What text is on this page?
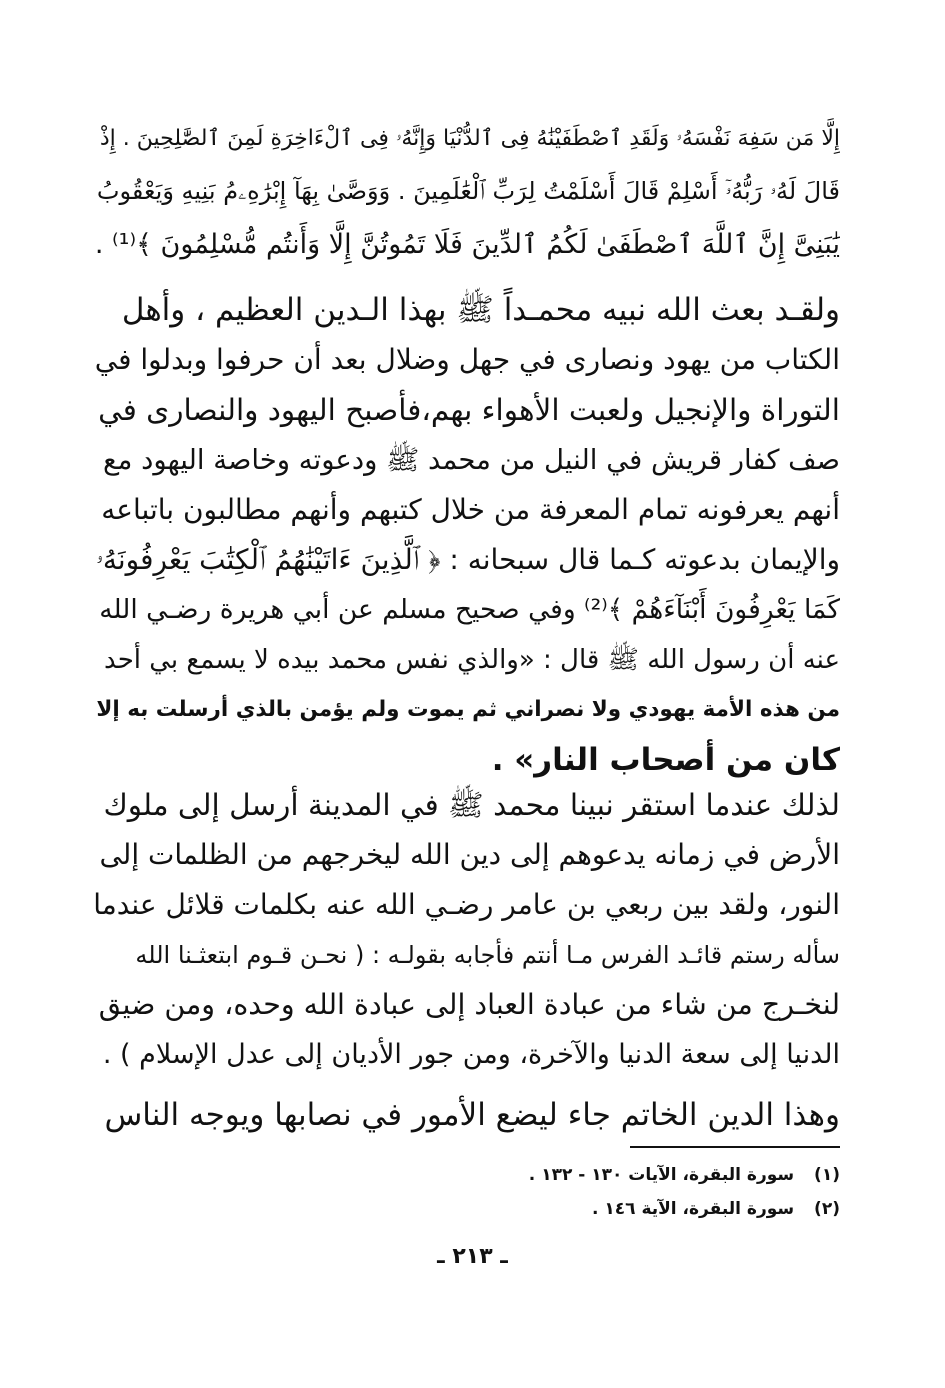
إِلَّا مَن سَفِهَ نَفْسَهُۥ وَلَقَدِ ٱصْطَفَيْنَٰهُ فِى ٱلدُّنْيَا وَإِنَّهُۥ فِى ٱلْءَاخِرَةِ لَمِنَ ٱلصَّٰلِحِينَ . إِذْ
قَالَ لَهُۥ رَبُّهُۥٓ أَسْلِمْ قَالَ أَسْلَمْتُ لِرَبِّ ٱلْعَٰلَمِينَ . وَوَصَّىٰ بِهَآ إِبْرَٰهِۦمُ بَنِيهِ وَيَعْقُوبُ
يَٰبَنِىَّ إِنَّ ٱللَّهَ ٱصْطَفَىٰ لَكُمُ ٱلدِّينَ فَلَا تَمُوتُنَّ إِلَّا وَأَنتُم مُّسْلِمُونَ ﴾⁽¹⁾ .
ولقـد بعث الله نبيه محمـداً ﷺ بهذا الـدين العظيم ، وأهل
الكتاب من يهود ونصارى في جهل وضلال بعد أن حرفوا وبدلوا في
التوراة والإنجيل ولعبت الأهواء بهم،فأصبح اليهود والنصارى في
صف كفار قريش في النيل من محمد ﷺ ودعوته وخاصة اليهود مع
أنهم يعرفونه تمام المعرفة من خلال كتبهم وأنهم مطالبون باتباعه
والإيمان بدعوته كـما قال سبحانه : ﴿ ٱلَّذِينَ ءَاتَيْنَٰهُمُ ٱلْكِتَٰبَ يَعْرِفُونَهُۥ
كَمَا يَعْرِفُونَ أَبْنَآءَهُمْ ﴾⁽²⁾ وفي صحيح مسلم عن أبي هريرة رضـي الله
عنه أن رسول الله ﷺ قال : «والذي نفس محمد بيده لا يسمع بي أحد
من هذه الأمة يهودي ولا نصراني ثم يموت ولم يؤمن بالذي أرسلت به إلا
كان من أصحاب النار» .
لذلك عندما استقر نبينا محمد ﷺ في المدينة أرسل إلى ملوك
الأرض في زمانه يدعوهم إلى دين الله ليخرجهم من الظلمات إلى
النور، ولقد بين ربعي بن عامر رضـي الله عنه بكلمات قلائل عندما
سأله رستم قائـد الفرس مـا أنتم فأجابه بقولـه : ( نحـن قـوم ابتعثـنا الله
لنخـرج من شاء من عبادة العباد إلى عبادة الله وحده، ومن ضيق
الدنيا إلى سعة الدنيا والآخرة، ومن جور الأديان إلى عدل الإسلام ) .
وهذا الدين الخاتم جاء ليضع الأمور في نصابها ويوجه الناس
(١) سورة البقرة، الآيات ١٣٠ - ١٣٢ .
(٢) سورة البقرة، الآية ١٤٦ .
ـ ٢١٣ ـ
